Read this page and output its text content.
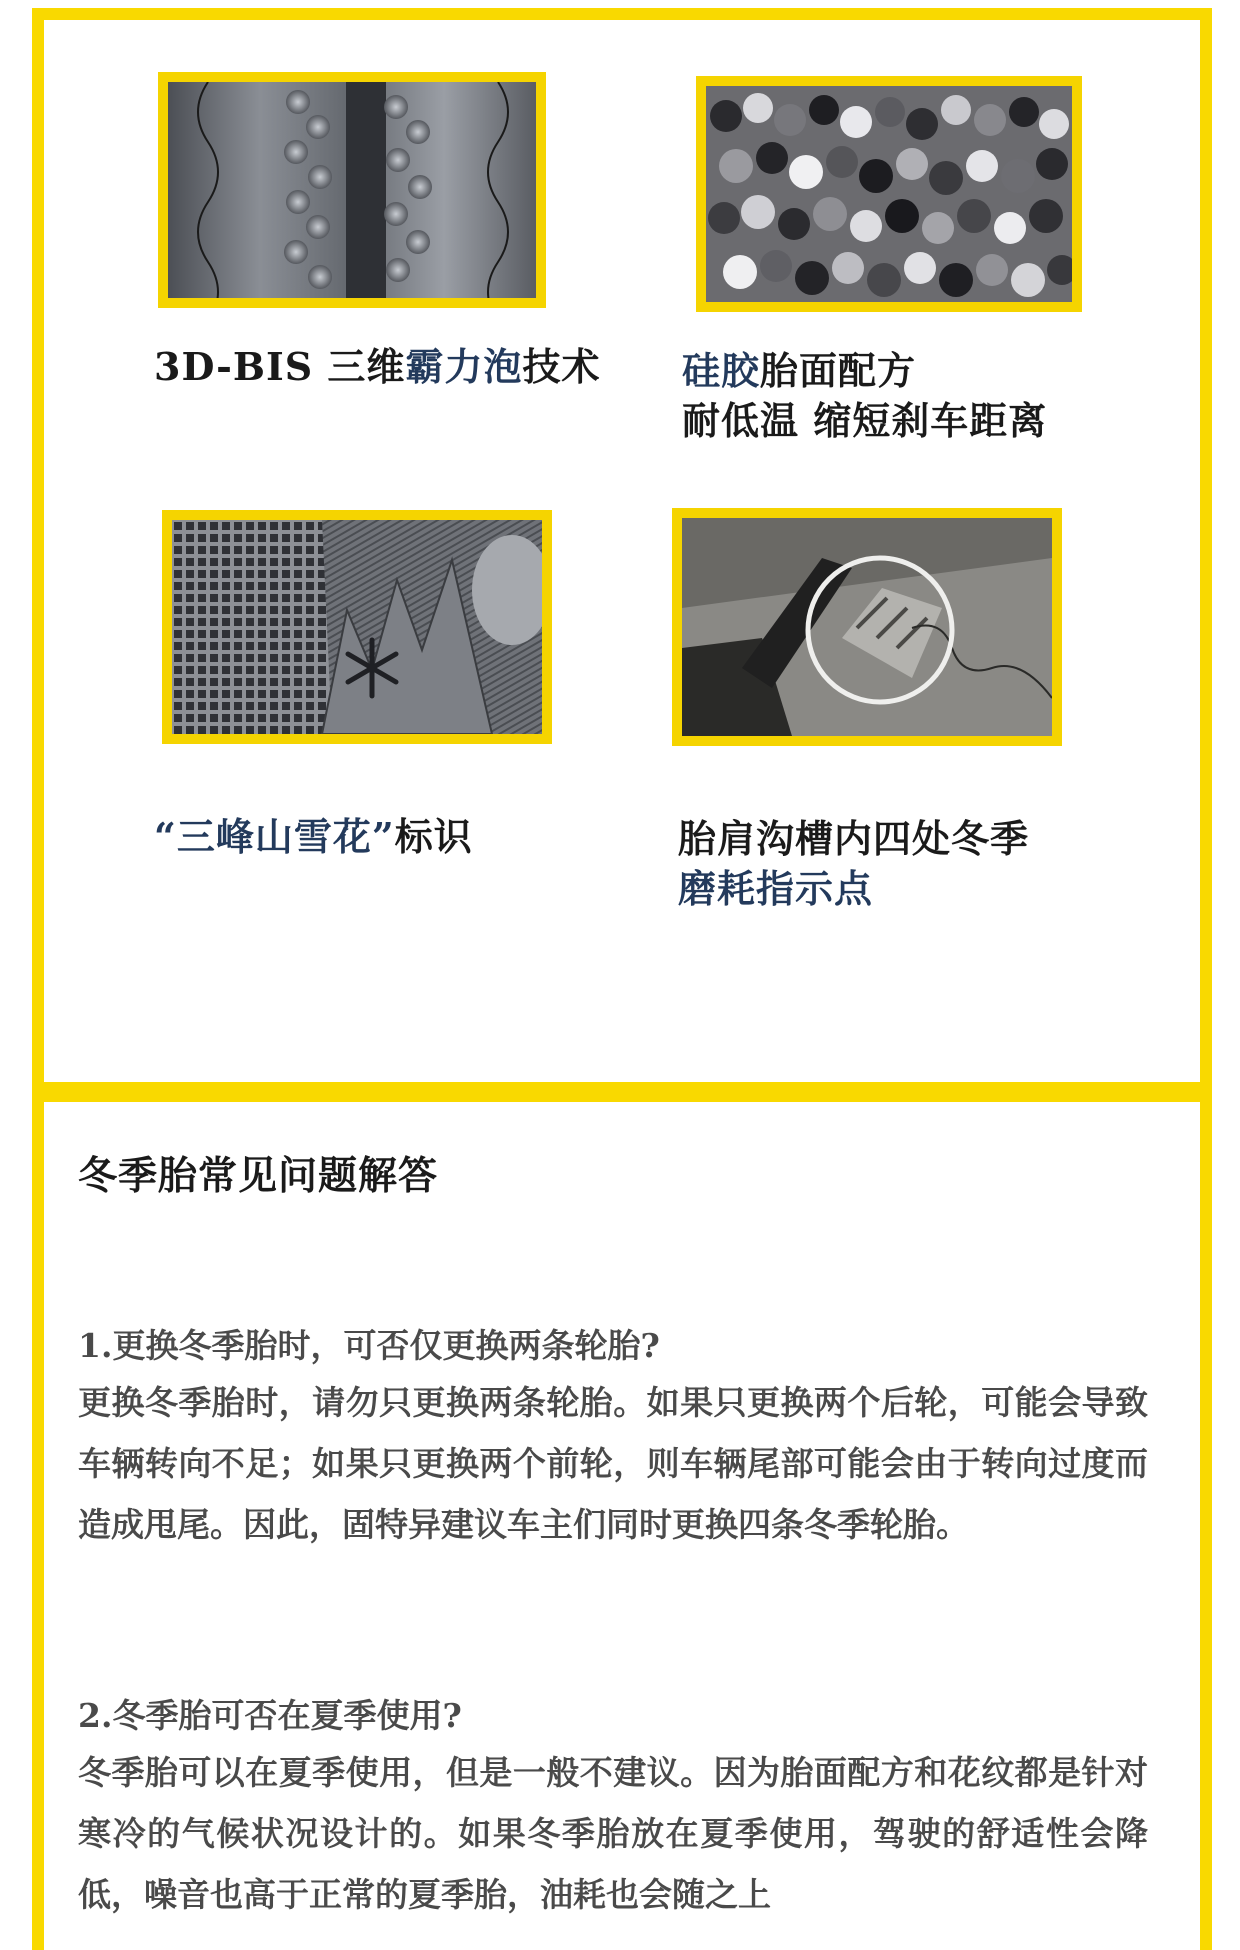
3D-BIS 三维霸力泡技术 硅胶胎面配方
耐低温 缩短刹车距离
“三峰山雪花”标识	胎肩沟槽内四处冬季
磨耗指示点
冬季胎常见问题解答
1.更换冬季胎时，可否仅更换两条轮胎?
更换冬季胎时，请勿只更换两条轮胎。如果只更换两个后轮，可能会导致车辆转向不足；如果只更换两个前轮，则车辆尾部可能会由于转向过度而造成甩尾。因此，固特异建议车主们同时更换四条冬季轮胎。
2.冬季胎可否在夏季使用?
冬季胎可以在夏季使用，但是一般不建议。因为胎面配方和花纹都是针对寒冷的气候状况设计的。如果冬季胎放在夏季使用，驾驶的舒适性会降低，噪音也高于正常的夏季胎，油耗也会随之上
